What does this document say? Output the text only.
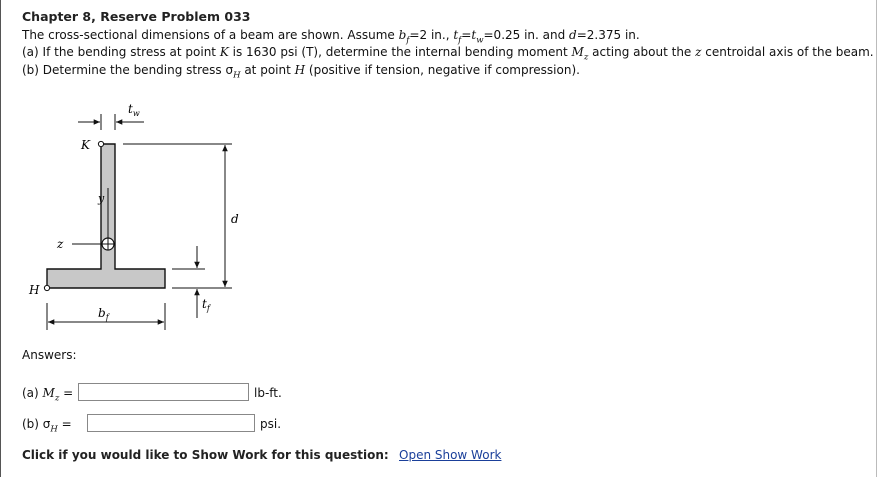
Chapter 8, Reserve Problem 033
The cross-sectional dimensions of a beam are shown. Assume $b_f=2$ in., $t_f=t_w=0.25$ in. and d=2.375 in.
(a) If the bending stress at point K is 1630 psi (T), determine the internal bending moment $M_z$ acting about the z centroidal axis of the beam.
(b) Determine the bending stress $\sigma_H$ at point H (positive if tension, negative if compression).
$t_w$
K
d
y
z
H
$b_f$
$t_f$
Answers:
(a) $M_z$ =	lb-ft.
(b) $\sigma_H$ =	psi.
Click if you would like to Show Work for this question: Open Show Work
